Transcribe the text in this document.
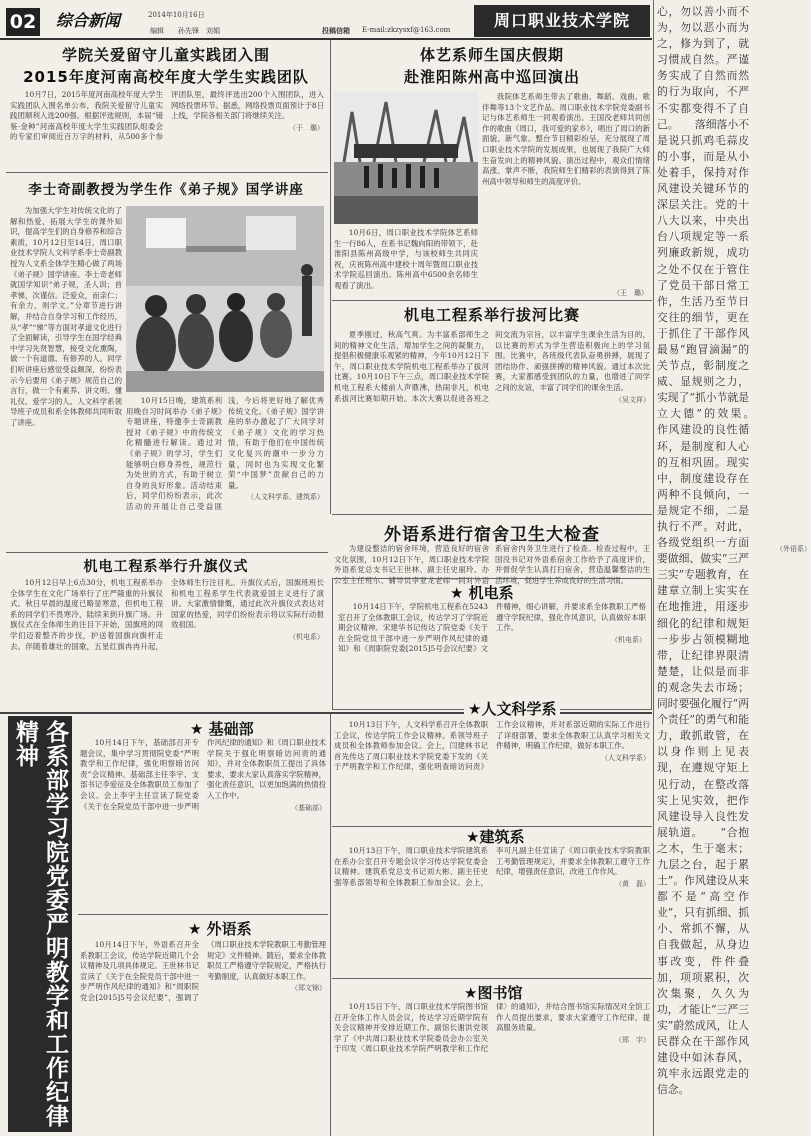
02 综合新闻	2014年10月16日
编辑　　孙先锋　刘娟	投稿信箱 E-mail:zkzysxf@163.com	周口职业技术学院	心，勿以善小而不为，勿以恶小而为之，修为到了，就习惯成自然。严谨务实成了自然而然的行为取向，不严不实都变得不了自己。　　落细落小不是说只抓鸡毛蒜皮的小事，而是从小处着手，保持对作风建设关键环节的深层关注。党的十八大以来，中央出台八项规定等一系列廉政新规，成功之处不仅在于管住了党员干部日常工作，生活乃至节日交往的细节，更在于抓住了干部作风最易“跑冒滴漏”的关节点，彰制度之威、显规则之力，实现了“抓小节就是立大德”的效果。　　作风建设的良性循环，是制度和人心的互相巩固。现实中，制度建设存在两种不良倾向，一是规定不细，二是执行不严。对此，各级党组织一方面要做细、做实“三严三实”专题教育，在建章立制上实实在在地推进，用逐步细化的纪律和规矩一步步占领模糊地带，让纪律界限清楚楚，让似是而非的观念失去市场；同时要强化履行“两个责任”的勇气和能力，敢抓敢管，在以身作则上见表现，在遵规守矩上见行动，在整改落实上见实效，把作风建设导入良性发展轨道。　　“合抱之木，生于毫末；九层之台，起于累土”。作风建设从来都不是“高空作业”，只有抓细、抓小、常抓不懈，从自我做起，从身边事改变，件件叠加，项项累积，次次集聚，久久为功，才能让“三严三实”蔚然成风，让人民群众在干部作风建设中如沐春风，筑牢永远跟党走的信念。
学院关爱留守儿童实践团入围
2015年度河南高校年度大学生实践团队

10月7日，2015年度河南高校年度大学生实践团队入围名单公布，我院关爱留守儿童实践团顺利入选200强。根据评选规则，本届“镜鉴·金种”河南高校年度大学生实践团队组委会的专家们审阅近百万字的材料，从500多个参评团队里，最终评选出200个入围团队，进入网络投票环节。据悉，网络投票页面预计于8日上线，学院各相关部门将继续关注。

（于　璐）
李士奇副教授为学生作《弟子规》国学讲座
为加强大学生对传统文化的了解和热爱，拓展大学生的课外知识，提高学生们的自身修养和综合素质，10月12日至14日，周口职业技术学院人文科学系李士奇副教授为人文系全体学生精心做了两场《弟子规》国学讲座。李士奇老师就国学知识“弟子规，圣人训；首孝悌，次谨信。泛爱众，而亲仁；有余力，则学文。”分章节进行讲解，并结合自身学习和工作经历，从“孝”“悌”等方面对孝道文化进行了全面解读，引导学生在国学经典中学习先贤智慧，接受文化熏陶，做一个有道德、有修养的人。同学们听讲座后感觉受益颇深，纷纷表示今后要用《弟子规》规范自己的言行，做一个有素养、讲文明、懂礼仪、爱学习的人。人文科学系领导班子成员和系全体教师共同听取了讲座。

10月15日晚，建筑系利用晚自习时间举办《弟子规》专题讲座，特邀李士奇副教授对《弟子规》中的传统文化精髓进行解读。通过对《弟子规》的学习，学生们能够明白修身养性，规范行为处世的方式，有助于树立自身的良好形象。活动结束后，同学们纷纷表示，此次活动的开展让自己受益匪浅，今后将更好地了解优秀传统文化。《弟子规》国学讲座的举办激起了广大同学对《弟子规》文化的学习热情，有助于他们在中国传统文化复兴的潮中一步分力量，同时也为实现文化繁荣“中国梦”贡献自己的力量。

（人文科学系、建筑系）
机电工程系举行升旗仪式

10月12日早上6点30分，机电工程系举办全体学生在文化广场举行了庄严隆重的升旗仪式。秋日早晨的温度已略显寒意，但机电工程系的同学们不畏寒冷，陆续来到升旗广场。升旗仪式在全体师生的注目下开始，国旗班的同学们迈着整齐的步伐，护送着国旗向旗杆走去。伴随着雄壮的国歌，五星红旗冉冉升起，全体师生行注目礼。升旗仪式后，国旗班班长和机电工程系学生代表就爱国主义进行了演讲。大家激情慷慨，通过此次升旗仪式表达对国家的热爱，同学们纷纷表示将以实际行动报效祖国。

（机电系）
体艺系师生国庆假期
赴淮阳陈州高中巡回演出
我院体艺系师生带去了歌曲、舞蹈、戏曲、歌伴舞等13个文艺作品。周口职业技术学院党委副书记与体艺系师生一同观看演出。王国没老师共同创作的歌曲《周口，我可爱的家乡》，唱出了周口的新面貌、新气象。整台节目精彩纷呈，充分展现了周口职业技术学院的发展成果，也展现了我院广大师生奋发向上的精神风貌。演出过程中，观众们情绪高涨、掌声不断，我院师生们精彩的表演得到了陈州高中领导和师生的高度评价。
10月6日，周口职业技术学院体艺系师生一行86人，在系书记魏向阳的带领下，赴淮阳县陈州高级中学，与该校师生共同庆祝，庆祝陈州高中建校十周年暨周口职业技术学院巡回演出。陈州高中6500余名师生观看了演出。
（王　璐）
机电工程系举行拔河比赛

夏季刚过，秋高气爽。为丰富系部师生之间的精神文化生活，增加学生之间的凝聚力，提倡积极健康乐观紧的精神，今年10月12日下午，周口职业技术学院机电工程系举办了拔河比赛。10月10日下午三点，周口职业技术学院机电工程系大楼前人声鼎沸，热闹非凡，机电系拔河比赛如期开始。本次大赛以促进各班之间交流为宗旨，以丰富学生课余生活为目的，以比赛的形式为学生营造积极向上的学习氛围。比赛中，各班级代表队奋勇拼搏，展现了团结协作、顽强拼搏的精神风貌。通过本次比赛，大家都感受到团队的力量，也增进了同学之间的友谊，丰富了同学们的课余生活。

（吴文祥）
外语系进行宿舍卫生大检查

为建设整洁的宿舍环境，营造良好的宿舍文化氛围，10月12日下午，周口职业技术学院外语系党总支书记王世林、副主任史丽玲、办公室主任班尔、辅导员李亚龙老师一同对外语系宿舍内务卫生进行了检查。检查过程中，王国没书记对外语系宿舍工作给予了高度评价，并督促学生认真打扫宿舍，营造温馨整洁的生活环境，促进学生养成良好的生活习惯。

（外语系）
★ 机电系

10月14日下午，学院机电工程系在5243室召开了全体教职工会议，传达学习了学院近期会议精神。宋建华书记传达了院党委《关于在全院党员干部中进一步严明作风纪律的通知》和《周职院党委[2015]5号会议纪要》文件精神，细心讲解，并要求系全体教职工严格遵守学院纪律，强化作风意识，认真做好本职工作。

（机电系）
各系部学习院党委严明教学和工作纪律精神	★ 基础部

10月14日下午，基础部召开专题会议，集中学习贯彻院党委“严明教学和工作纪律，强化明察暗访问责”会议精神。基础部主任李宇、支部书记李爱征及全体教职员工参加了会议。会上李宇主任宣读了院党委《关于在全院党员干部中进一步严明作风纪律的通知》和《周口职业技术学院关于强化明察暗访问责的通知》，并对全体教职员工提出了具体要求，要求大家认真落实学院精神，强化责任意识，以更加饱满的热情投入工作中。

（基础部）
★ 外语系

10月14日下午，外语系召开全系教职工会议，传达学院近期几个会议精神及几项具体规定。王世林书记宣读了《关于在全院党员干部中进一步严明作风纪律的通知》和“周职院党会[2015]5号会议纪要”，强调了《周口职业技术学院教职工考勤管理规定》文件精神。随后，要求全体教职员工严格遵守学院规定，严格执行考勤制度，认真做好本职工作。

（郑文锦）
★人文科学系

10月13日下午，人文科学系召开全体教职工会议，传达学院工作会议精神。系领导班子成员和全体教师参加会议。会上，闫建林书记首先传达了周口职业技术学院党委下发的《关于严明教学和工作纪律，强化明查暗访问责》工作会议精神，并对系部近期的实际工作进行了详细部署，要求全体教职工认真学习相关文件精神，明确工作纪律，做好本职工作。

（人文科学系）
★建筑系

10月13日下午，周口职业技术学院建筑系在系办公室召开专题会议学习传达学院党委会议精神。建筑系党总支书记刘大彬、副主任史强等系部领导和全体教职工参加会议。会上，李可凡副主任宣读了《周口职业技术学院教职工考勤管理规定》，并要求全体教职工遵守工作纪律，增强责任意识，改进工作作风。

（黄　磊）
★图书馆

10月15日下午，周口职业技术学院图书馆召开全体工作人员会议，传达学习近期学院有关会议精神并安排近期工作。副馆长谢洪党领学了《中共周口职业技术学院委员会办公室关于印发〈周口职业技术学院严明教学和工作纪律〉的通知》，并结合图书馆实际情况对全馆工作人员提出要求，要求大家遵守工作纪律，提高服务质量。

（郑　宇）
